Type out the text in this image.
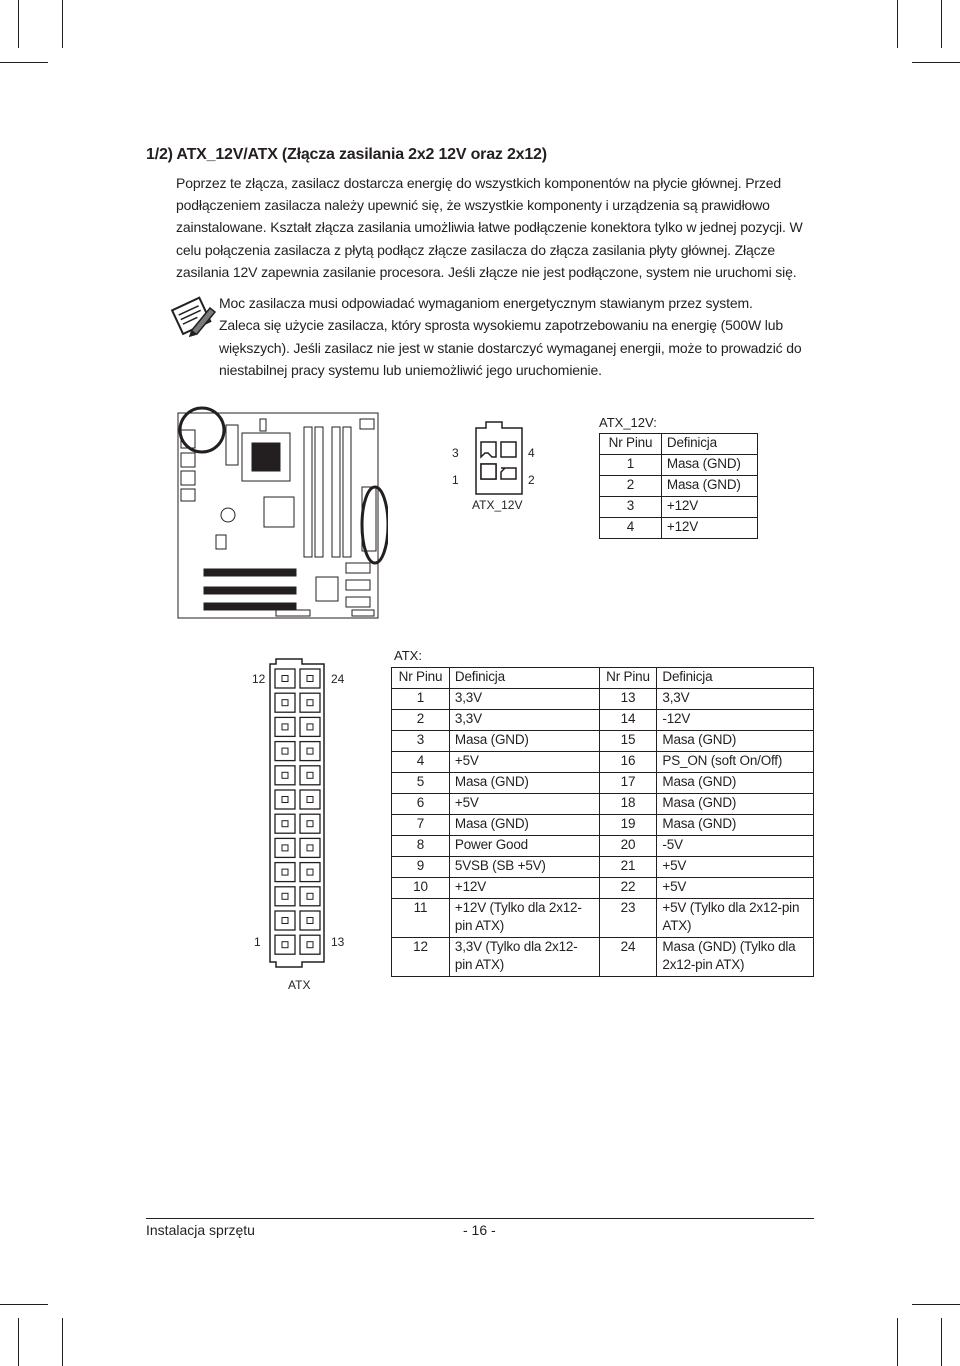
1/2) ATX_12V/ATX (Złącza zasilania 2x2 12V oraz 2x12)

Poprzez te złącza, zasilacz dostarcza energię do wszystkich komponentów na płycie głównej. Przed podłączeniem zasilacza należy upewnić się, że wszystkie komponenty i urządzenia są prawidłowo zainstalowane. Kształt złącza zasilania umożliwia łatwe podłączenie konektora tylko w jednej pozycji. W celu połączenia zasilacza z płytą podłącz złącze zasilacza do złącza zasilania płyty głównej. Złącze zasilania 12V zapewnia zasilanie procesora. Jeśli złącze nie jest podłączone, system nie uruchomi się.

Moc zasilacza musi odpowiadać wymaganiom energetycznym stawianym przez system.

Zaleca się użycie zasilacza, który sprosta wysokiemu zapotrzebowaniu na energię (500W lub większych). Jeśli zasilacz nie jest w stanie dostarczyć wymaganej energii, może to prowadzić do niestabilnej pracy systemu lub uniemożliwić jego uruchomienie.

3	4
1	2
ATX_12V
ATX_12V:
Nr Pinu	Definicja
1	Masa (GND)
2	Masa (GND)
3	+12V
4	+12V
12	24
1	13
ATX
ATX:
Nr Pinu	Definicja	Nr Pinu	Definicja
1	3,3V	13	3,3V
2	3,3V	14	-12V
3	Masa (GND)	15	Masa (GND)
4	+5V	16	PS_ON (soft On/Off)
5	Masa (GND)	17	Masa (GND)
6	+5V	18	Masa (GND)
7	Masa (GND)	19	Masa (GND)
8	Power Good	20	-5V
9	5VSB (SB +5V)	21	+5V
10	+12V	22	+5V
11	+12V (Tylko dla 2x12-pin ATX)	23	+5V (Tylko dla 2x12-pin ATX)
12	3,3V (Tylko dla 2x12-pin ATX)	24	Masa (GND) (Tylko dla 2x12-pin ATX)
Instalacja sprzętu	- 16 -
